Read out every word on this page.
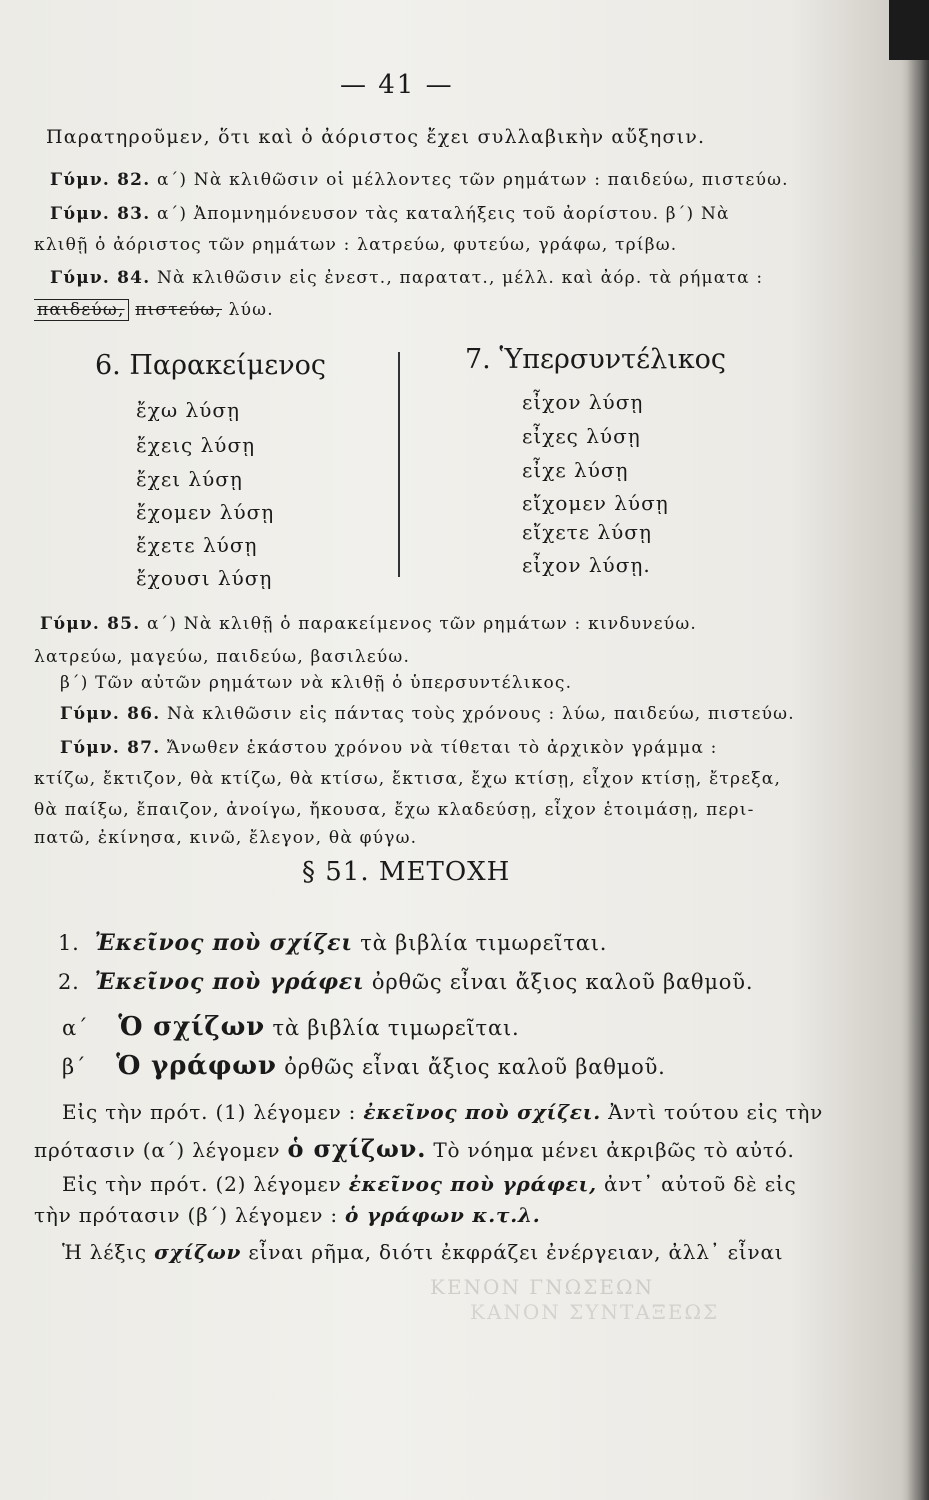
— 41 —
Παρατηροῦμεν, ὅτι καὶ ὁ ἀόριστος ἔχει συλλαβικὴν αὔξησιν.
Γύμν. 82. α΄) Νὰ κλιθῶσιν οἱ μέλλοντες τῶν ρημάτων : παιδεύω, πιστεύω.
Γύμν. 83. α΄) Ἀπομνημόνευσον τὰς καταλήξεις τοῦ ἀορίστου. β΄) Νὰ
κλιθῇ ὁ ἀόριστος τῶν ρημάτων : λατρεύω, φυτεύω, γράφω, τρίβω.
Γύμν. 84. Νὰ κλιθῶσιν εἰς ἐνεστ., παρατατ., μέλλ. καὶ ἀόρ. τὰ ρήματα :
παιδεύω, πιστεύω, λύω.
6. Παρακείμενος	7. Ὑπερσυντέλικος
ἔχω λύσῃ
ἔχεις λύσῃ
ἔχει λύσῃ
ἔχομεν λύσῃ
ἔχετε λύσῃ
ἔχουσι λύσῃ
εἶχον λύσῃ
εἶχες λύσῃ
εἶχε λύσῃ
εἴχομεν λύσῃ
εἴχετε λύσῃ
εἶχον λύσῃ.
Γύμν. 85. α΄) Νὰ κλιθῇ ὁ παρακείμενος τῶν ρημάτων : κινδυνεύω.
λατρεύω, μαγεύω, παιδεύω, βασιλεύω.
β΄) Τῶν αὐτῶν ρημάτων νὰ κλιθῇ ὁ ὑπερσυντέλικος.
Γύμν. 86. Νὰ κλιθῶσιν εἰς πάντας τοὺς χρόνους : λύω, παιδεύω, πιστεύω.
Γύμν. 87. Ἄνωθεν ἑκάστου χρόνου νὰ τίθεται τὸ ἀρχικὸν γράμμα :
κτίζω, ἔκτιζον, θὰ κτίζω, θὰ κτίσω, ἔκτισα, ἔχω κτίσῃ, εἶχον κτίσῃ, ἔτρεξα,
θὰ παίξω, ἔπαιζον, ἀνοίγω, ἤκουσα, ἔχω κλαδεύσῃ, εἶχον ἑτοιμάσῃ, περι-
πατῶ, ἐκίνησα, κινῶ, ἔλεγον, θὰ φύγω.
§ 51. ΜΕΤΟΧΗ
1. Ἐκεῖνος ποὺ σχίζει τὰ βιβλία τιμωρεῖται.
2. Ἐκεῖνος ποὺ γράφει ὀρθῶς εἶναι ἄξιος καλοῦ βαθμοῦ.
α΄ Ὁ σχίζων τὰ βιβλία τιμωρεῖται.
β΄ Ὁ γράφων ὀρθῶς εἶναι ἄξιος καλοῦ βαθμοῦ.
Εἰς τὴν πρότ. (1) λέγομεν : ἐκεῖνος ποὺ σχίζει. Ἀντὶ τούτου εἰς τὴν
πρότασιν (α΄) λέγομεν ὁ σχίζων. Τὸ νόημα μένει ἀκριβῶς τὸ αὐτό.
Εἰς τὴν πρότ. (2) λέγομεν ἐκεῖνος ποὺ γράφει, ἀντ᾽ αὐτοῦ δὲ εἰς
τὴν πρότασιν (β΄) λέγομεν : ὁ γράφων κ.τ.λ.
Ἡ λέξις σχίζων εἶναι ρῆμα, διότι ἐκφράζει ἐνέργειαν, ἀλλ᾽ εἶναι
ΚΕΝΟΝ ΓΝΩΣΕΩΝ
ΚΑΝΟΝ ΣΥΝΤΑΞΕΩΣ
